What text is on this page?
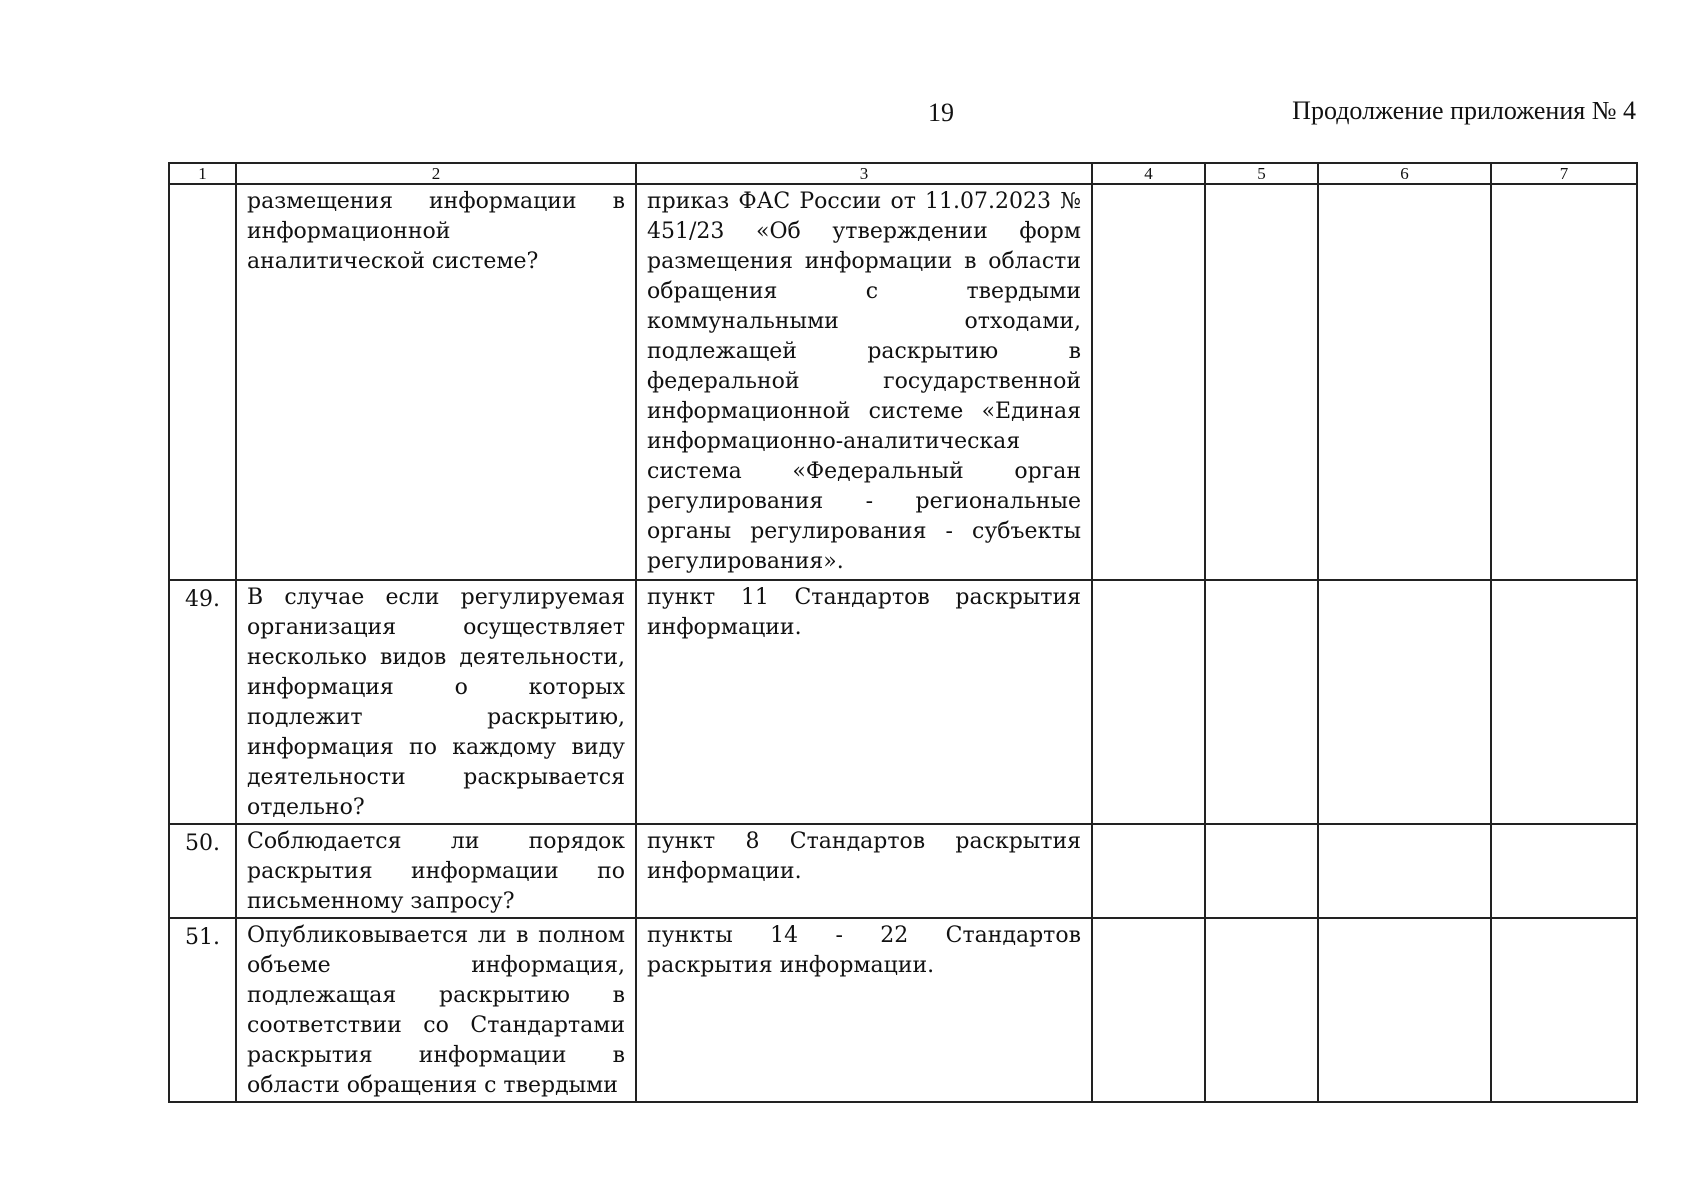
19	Продолжение приложения № 4
1	2	3	4	5	6	7
	размещения информации в информационной аналитической системе?	приказ ФАС России от 11.07.2023 № 451/23 «Об утверждении форм размещения информации в области обращения с твердыми коммунальными отходами, подлежащей раскрытию в федеральной государственной информационной системе «Единая информационно-аналитическая система «Федеральный орган регулирования - региональные органы регулирования - субъекты регулирования».				
49.	В случае если регулируемая организация осуществляет несколько видов деятельности, информация о которых подлежит раскрытию, информация по каждому виду деятельности раскрывается отдельно?	пункт 11 Стандартов раскрытия информации.				
50.	Соблюдается ли порядок раскрытия информации по письменному запросу?	пункт 8 Стандартов раскрытия информации.				
51.	Опубликовывается ли в полном объеме информация, подлежащая раскрытию в соответствии со Стандартами раскрытия информации в области обращения с твердыми	пункты 14 - 22 Стандартов раскрытия информации.				
